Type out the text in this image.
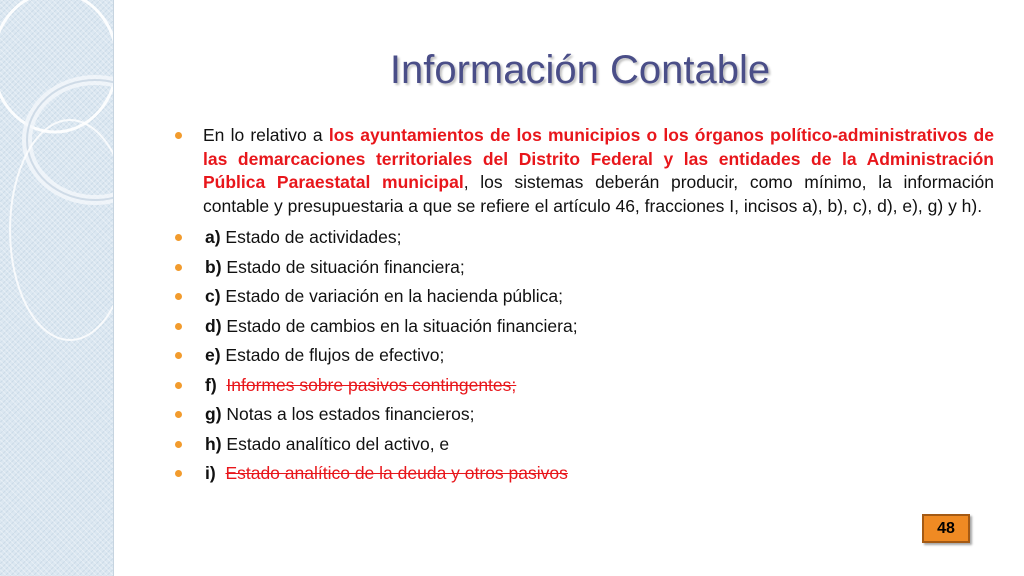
Información Contable
En lo relativo a los ayuntamientos de los municipios o los órganos político-administrativos de las demarcaciones territoriales del Distrito Federal y las entidades de la Administración Pública Paraestatal municipal, los sistemas deberán producir, como mínimo, la información contable y presupuestaria a que se refiere el artículo 46, fracciones I, incisos a), b), c), d), e), g) y h).
a) Estado de actividades;
b) Estado de situación financiera;
c) Estado de variación en la hacienda pública;
d) Estado de cambios en la situación financiera;
e) Estado de flujos de efectivo;
f) Informes sobre pasivos contingentes;
g) Notas a los estados financieros;
h) Estado analítico del activo, e
i) Estado analítico de la deuda y otros pasivos
48
